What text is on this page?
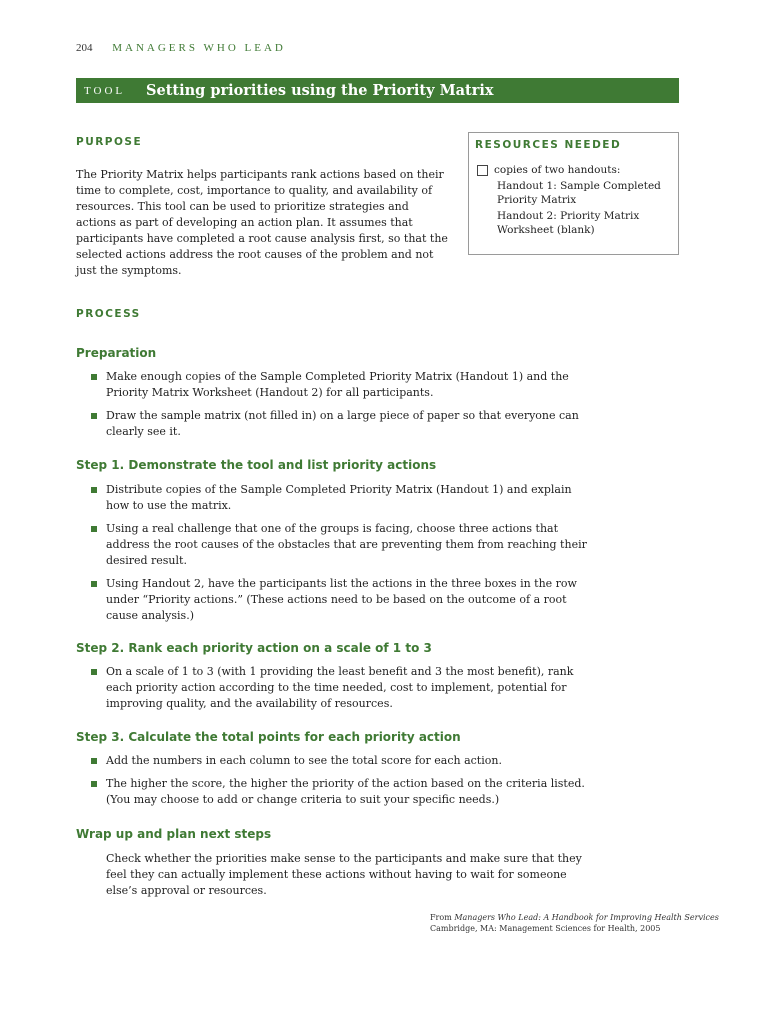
204 MANAGERS WHO LEAD
TOOL	Setting priorities using the Priority Matrix
PURPOSE
The Priority Matrix helps participants rank actions based on their time to complete, cost, importance to quality, and availability of resources. This tool can be used to prioritize strategies and actions as part of developing an action plan. It assumes that participants have completed a root cause analysis first, so that the selected actions address the root causes of the problem and not just the symptoms.
RESOURCES NEEDED
copies of two handouts:
Handout 1: Sample Completed Priority Matrix
Handout 2: Priority Matrix Worksheet (blank)
PROCESS
Preparation
Make enough copies of the Sample Completed Priority Matrix (Handout 1) and the Priority Matrix Worksheet (Handout 2) for all participants.
Draw the sample matrix (not filled in) on a large piece of paper so that everyone can clearly see it.
Step 1. Demonstrate the tool and list priority actions
Distribute copies of the Sample Completed Priority Matrix (Handout 1) and explain how to use the matrix.
Using a real challenge that one of the groups is facing, choose three actions that address the root causes of the obstacles that are preventing them from reaching their desired result.
Using Handout 2, have the participants list the actions in the three boxes in the row under “Priority actions.” (These actions need to be based on the outcome of a root cause analysis.)
Step 2. Rank each priority action on a scale of 1 to 3
On a scale of 1 to 3 (with 1 providing the least benefit and 3 the most benefit), rank each priority action according to the time needed, cost to implement, potential for improving quality, and the availability of resources.
Step 3. Calculate the total points for each priority action
Add the numbers in each column to see the total score for each action.
The higher the score, the higher the priority of the action based on the criteria listed. (You may choose to add or change criteria to suit your specific needs.)
Wrap up and plan next steps
Check whether the priorities make sense to the participants and make sure that they feel they can actually implement these actions without having to wait for someone else’s approval or resources.
From Managers Who Lead: A Handbook for Improving Health Services
Cambridge, MA: Management Sciences for Health, 2005
